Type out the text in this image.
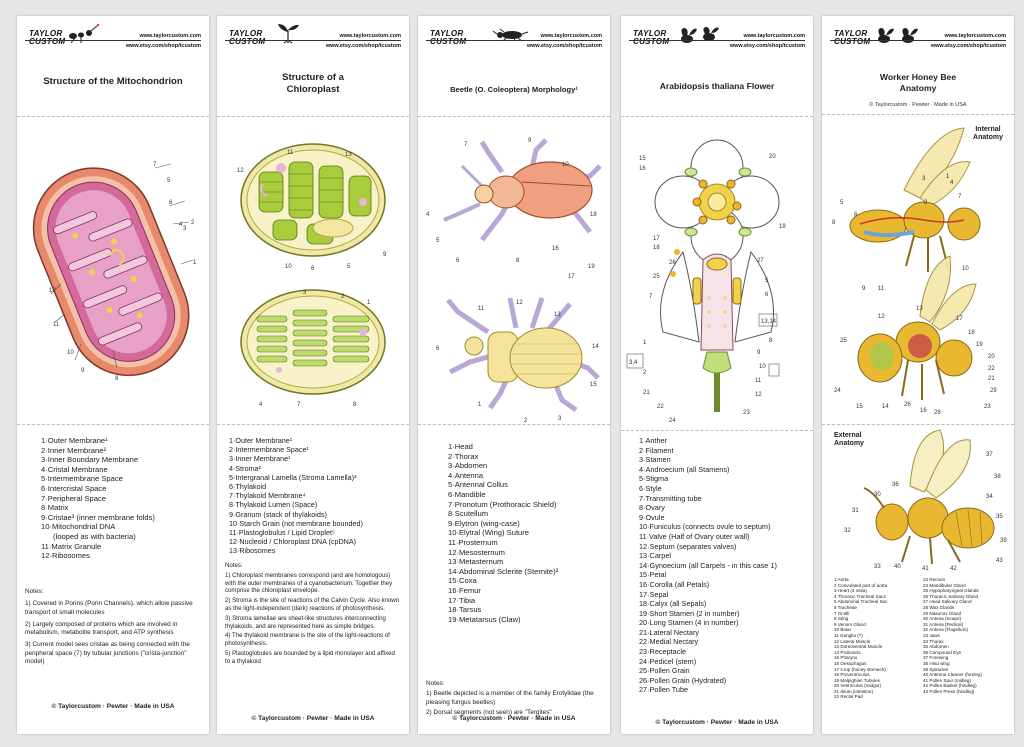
TAYLOR
CUSTOM
www.taylorcustom.com
www.etsy.com/shop/tcustom
Structure of the Mitochondrion
7
5
6
4
3
2
1
12
11
10
9
8
1·Outer Membrane¹
2·Inner Membrane²
3·Inner Boundary Membrane
4·Cristal Membrane
5·Intermembrane Space
6·Intercristal Space
7·Peripheral Space
8·Matrix
9·Cristae³ (inner membrane folds)
10·Mitochondrial DNA
(looped as with bacteria)
11·Matrix Granule
12·Ribosomes

Notes:

1) Covered in Porins (Porin Channels), which allow passive transport of small molecules

2) Largely composed of proteins which are involved in metabolism, metabolite transport, and ATP synthesis

3) Current model sees cristae as being connected with the peripheral space (7) by tubular junctions ("crista-junction" model)

© Taylorcustom · Pewter · Made in USA
TAYLOR
CUSTOM
www.taylorcustom.com
www.etsy.com/shop/tcustom
Structure of a Chloroplast
11	13
12
10	6	5
9
3
2
1
4	7	8
1·Outer Membrane¹
2·Intermembrane Space¹
3·Inner Membrane¹
4·Stroma²
5·Intergranal Lamella (Stroma Lamella)³
6·Thylakoid
7·Thylakoid Membrane⁴
8·Thylakoid Lumen (Space)
9·Granum (stack of thylakoids)
10·Starch Grain (not membrane bounded)
11·Plastoglobulus / Lipid Droplet⁵
12·Nucleoid / Chloroplast DNA (cpDNA)
13·Ribosomes

Notes:

1) Chloroplast membranes correspond (and are homologous) with the outer membranes of a cyanobacterium. Together they comprise the chloroplast envelope.

2) Stroma is the site of reactions of the Calvin Cycle. Also known as the light-independent (dark) reactions of photosynthesis.

3) Stroma lamellae are sheet-like structures interconnecting thylakoids, and are represented here as simple bridges.

4) The thylakoid membrane is the site of the light-reactions of photosynthesis.

5) Plastoglobules are bounded by a lipid monolayer and affixed to a thylakoid

© Taylorcustom · Pewter · Made in USA
TAYLOR
CUSTOM
www.taylorcustom.com
www.etsy.com/shop/tcustom
Beetle (O. Coleoptera) Morphology¹
7
9
10
4
5
8
6
18
16
19
17
11
12
13
6	14
15
1
2	3
1·Head
2·Thorax
3·Abdomen
4·Antenna
5·Antennal Collus
6·Mandible
7·Pronotum (Prothoracic Shield)
8·Scutellum
9·Elytron (wing-case)
10·Elytral (Wing) Suture
11·Prosternum
12·Mesosternum
13·Metasternum
14·Abdominal Sclerite (Sternite)²
15·Coxa
16·Femur
17·Tibia
18·Tarsus
19·Metatarsus (Claw)

Notes:

1) Beetle depicted is a member of the family Erotylidae (the pleasing fungus beetles)

2) Dorsal segments (not seen) are "Tergites"

© Taylorcustom · Pewter · Made in USA
TAYLOR
CUSTOM
www.taylorcustom.com
www.etsy.com/shop/tcustom
Arabidopsis thaliana Flower
15
16
20
17
18
19
26	27
25
5
7	6
13,14
1
3,4
2
8
9
10
11
12
21
22
24
23
1·Anther
2·Filament
3·Stamen
4·Androecium (all Stamens)
5·Stigma
6·Style
7·Transmitting tube
8·Ovary
9·Ovule
10·Funiculus (connects ovule to septum)
11·Valve (Half of Ovary outer wall)
12·Septum (separates valves)
13·Carpel
14·Gynoecium (all Carpels - in this case 1)
15·Petal
16·Corolla (all Petals)
17·Sepal
18·Calyx (all Sepals)
19·Short Stamen (2 in number)
20·Long Stamen (4 in number)
21·Lateral Nectary
22·Medial Nectary
23·Receptacle
24·Pedicel (stem)
25·Pollen Grain
26·Pollen Grain (Hydrated)
27·Pollen Tube
© Taylorcustom · Pewter · Made in USA
TAYLOR
CUSTOM
www.taylorcustom.com
www.etsy.com/shop/tcustom
Worker Honey Bee Anatomy
© Taylorcustom · Pewter · Made in USA
Internal Anatomy
3	1
4
5
6
2
7
8
9 11
10
12
13
17
18
25
19
20
22
21
24
15	14	26
16 28
23
29
External Anatomy
37
38
36
30	34
31
35
32
39
33 40	41	42
43
1 Aorta
2 Convulated part of aorta
3 Heart (4 ostia)
4 Thoracic Tracheal Sacs
5 Abdominal Tracheal Sac
6 Tracheae
7 Ocelli
8 Sting
9 Venom Gland
10 Brain
11 Ganglia (7)
12 Lateral Muscle
13 Dorsoventral Muscle
14 Proboscis
15 Pharynx
16 Oesophagus
17 Crop (honey stomach)
18 Proventriculus
19 Malpighian Tubules
20 Ventriculus (midgut)
21 Ileum (intestine)
22 Rectal Pad
23 Rectum
24 Mandibular Gland
25 Hypopharyngeal Glands
26 Thoracic Salivary Gland
27 Head Salivary Gland
28 Wax Glands
29 Nasonov Gland
30 Antena (Scape)
31 Antena (Pedicel)
32 Antena (Flagellum)
33 Jaws
34 Thorax
35 Abdomen
36 Compound Eye
37 Forewing
38 Hind wing
39 Spiracles
40 Antenna Cleaner (foreleg)
41 Pollen Spur (midleg)
42 Pollen Basket (hindleg)
43 Pollen Press (hindleg)
